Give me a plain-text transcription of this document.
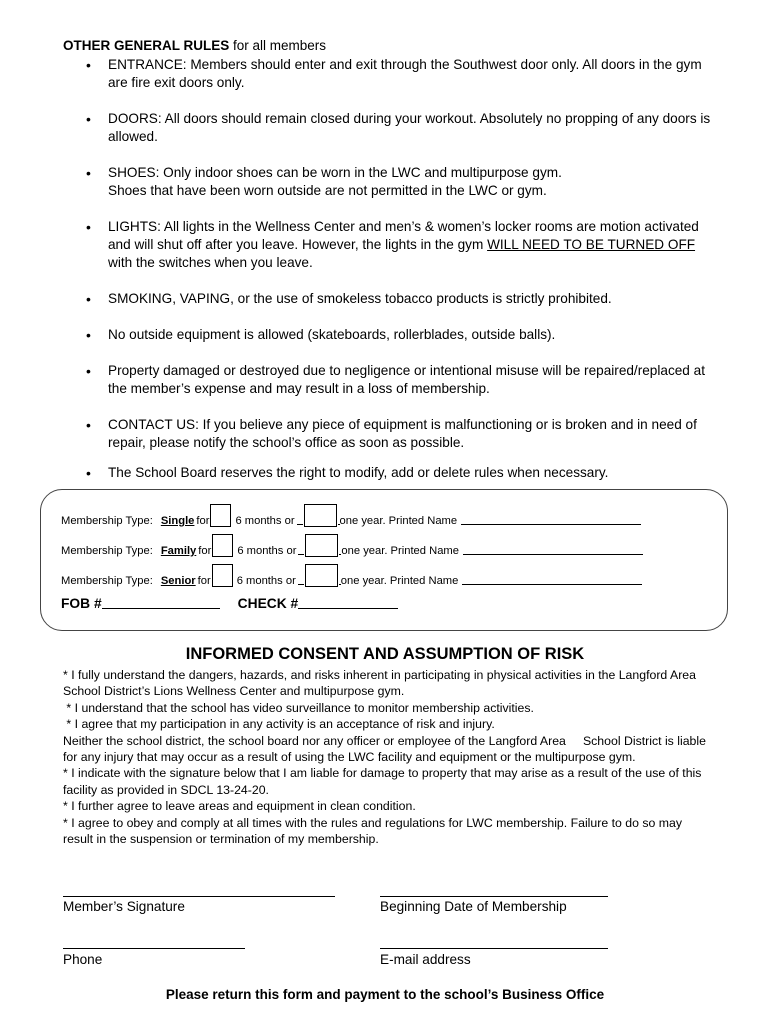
OTHER GENERAL RULES for all members
• ENTRANCE: Members should enter and exit through the Southwest door only. All doors in the gym are fire exit doors only.
• DOORS: All doors should remain closed during your workout. Absolutely no propping of any doors is allowed.
• SHOES: Only indoor shoes can be worn in the LWC and multipurpose gym.
Shoes that have been worn outside are not permitted in the LWC or gym.
• LIGHTS: All lights in the Wellness Center and men’s & women’s locker rooms are motion activated and will shut off after you leave. However, the lights in the gym WILL NEED TO BE TURNED OFF with the switches when you leave.
• SMOKING, VAPING, or the use of smokeless tobacco products is strictly prohibited.
• No outside equipment is allowed (skateboards, rollerblades, outside balls).
• Property damaged or destroyed due to negligence or intentional misuse will be repaired/replaced at the member’s expense and may result in a loss of membership.
• CONTACT US: If you believe any piece of equipment is malfunctioning or is broken and in need of repair, please notify the school’s office as soon as possible.
• The School Board reserves the right to modify, add or delete rules when necessary.
Membership Type: Single for 6 months or	one year. Printed Name
Membership Type: Family for 6 months or	one year. Printed Name
Membership Type: Senior for 6 months or	one year. Printed Name
FOB #	CHECK #
INFORMED CONSENT AND ASSUMPTION OF RISK

* I fully understand the dangers, hazards, and risks inherent in participating in physical activities in the Langford Area School District’s Lions Wellness Center and multipurpose gym.

* I understand that the school has video surveillance to monitor membership activities.

* I agree that my participation in any activity is an acceptance of risk and injury.

Neither the school district, the school board nor any officer or employee of the Langford Area     School District is liable for any injury that may occur as a result of using the LWC facility and equipment or the multipurpose gym.

* I indicate with the signature below that I am liable for damage to property that may arise as a result of the use of this facility as provided in SDCL 13-24-20.

* I further agree to leave areas and equipment in clean condition.

* I agree to obey and comply at all times with the rules and regulations for LWC membership. Failure to do so may result in the suspension or termination of my membership.

Member’s Signature	Beginning Date of Membership
Phone	E-mail address
Please return this form and payment to the school’s Business Office
